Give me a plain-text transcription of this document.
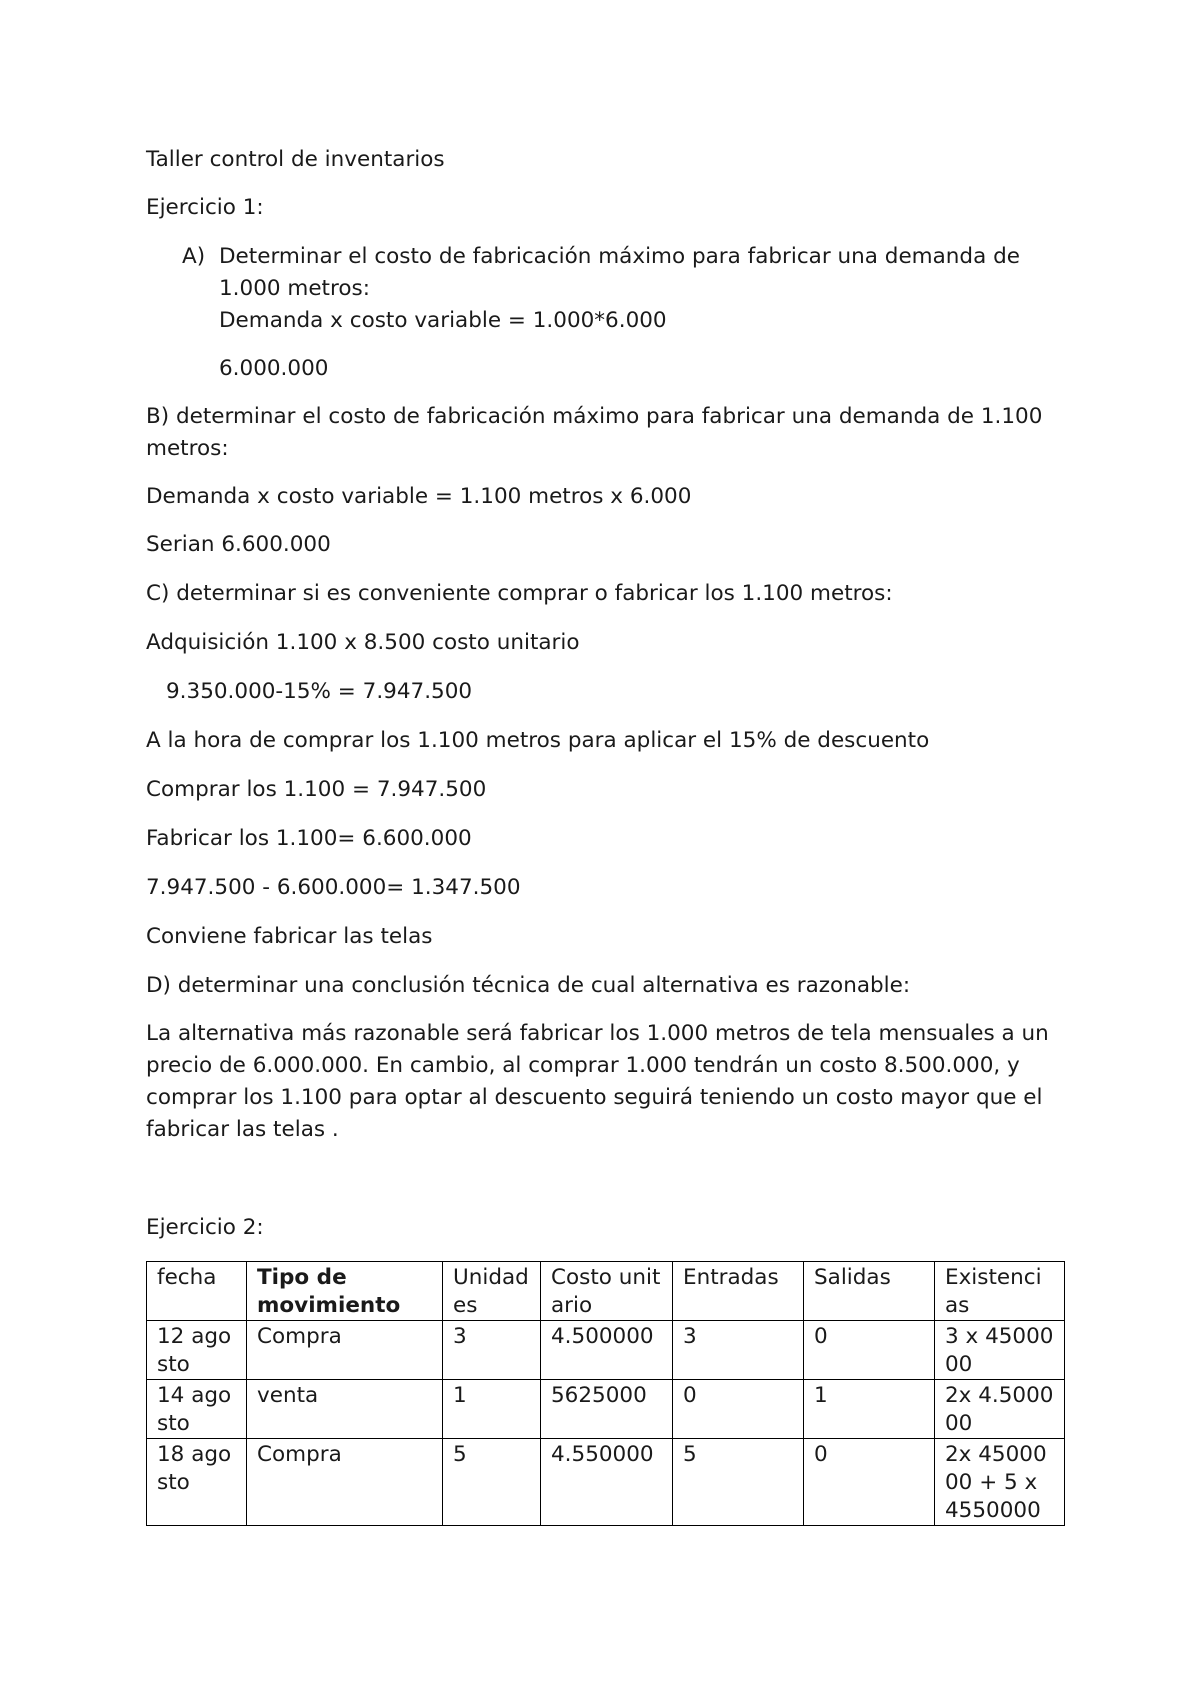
Taller control de inventarios

Ejercicio 1:

A) Determinar el costo de fabricación máximo para fabricar una demanda de 1.000 metros:

Demanda x costo variable = 1.000*6.000

6.000.000

B) determinar el costo de fabricación máximo para fabricar una demanda de 1.100 metros:

Demanda x costo variable = 1.100 metros x 6.000

Serian 6.600.000

C) determinar si es conveniente comprar o fabricar los 1.100 metros:

Adquisición 1.100 x 8.500 costo unitario

9.350.000-15% = 7.947.500

A la hora de comprar los 1.100 metros para aplicar el 15% de descuento

Comprar los 1.100 = 7.947.500

Fabricar los 1.100= 6.600.000

7.947.500 - 6.600.000= 1.347.500

Conviene fabricar las telas

D) determinar una conclusión técnica de cual alternativa es razonable:

La alternativa más razonable será fabricar los 1.000 metros de tela mensuales a un precio de 6.000.000. En cambio, al comprar 1.000 tendrán un costo 8.500.000, y comprar los 1.100 para optar al descuento seguirá teniendo un costo mayor que el fabricar las telas .

Ejercicio 2:

fecha	Tipo de movimiento	Unidades	Costo unitario	Entradas	Salidas	Existencias
12 agosto	Compra	3	4.500000	3	0	3 x 4500000
14 agosto	venta	1	5625000	0	1	2x 4.500000
18 agosto	Compra	5	4.550000	5	0	2x 4500000 + 5 x 4550000
